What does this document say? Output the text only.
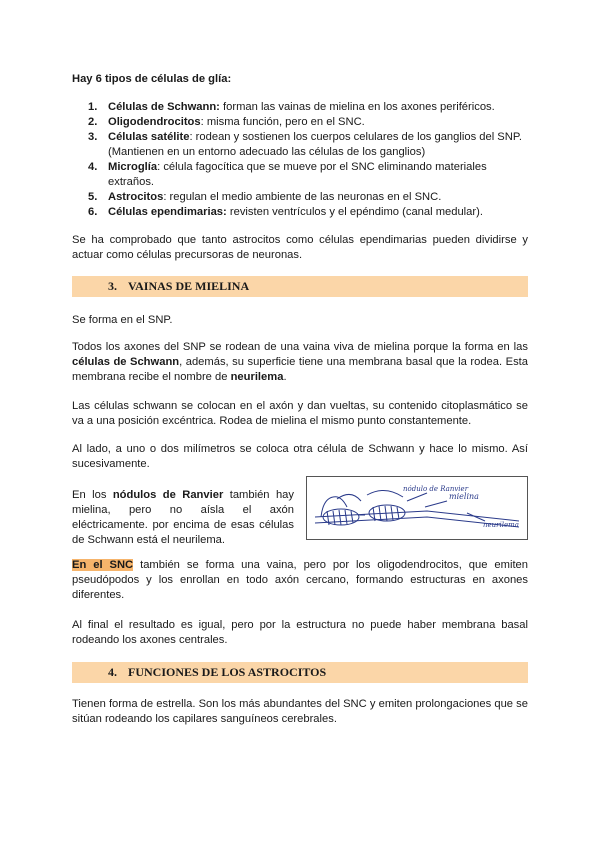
Hay 6 tipos de células de glía:
1. Células de Schwann: forman las vainas de mielina en los axones periféricos.
2. Oligodendrocitos: misma función, pero en el SNC.
3. Células satélite: rodean y sostienen los cuerpos celulares de los ganglios del SNP. (Mantienen en un entorno adecuado las células de los ganglios)
4. Microglía: célula fagocítica que se mueve por el SNC eliminando materiales extraños.
5. Astrocitos: regulan el medio ambiente de las neuronas en el SNC.
6. Células ependimarias: revisten ventrículos y el epéndimo (canal medular).

Se ha comprobado que tanto astrocitos como células ependimarias pueden dividirse y actuar como células precursoras de neuronas.

3. VAINAS DE MIELINA

Se forma en el SNP.

Todos los axones del SNP se rodean de una vaina viva de mielina porque la forma en las células de Schwann, además, su superficie tiene una membrana basal que la rodea. Esta membrana recibe el nombre de neurilema.

Las células schwann se colocan en el axón y dan vueltas, su contenido citoplasmático se va a una posición excéntrica. Rodea de mielina el mismo punto constantemente.

Al lado, a uno o dos milímetros se coloca otra célula de Schwann y hace lo mismo. Así sucesivamente.

En los nódulos de Ranvier también hay mielina, pero no aísla el axón eléctricamente. por encima de esas células de Schwann está el neurilema.

nódulo de Ranvier
mielina
neurilema

En el SNC también se forma una vaina, pero por los oligodendrocitos, que emiten pseudópodos y los enrollan en todo axón cercano, formando estructuras en axones diferentes.

Al final el resultado es igual, pero por la estructura no puede haber membrana basal rodeando los axones centrales.

4. FUNCIONES DE LOS ASTROCITOS

Tienen forma de estrella. Son los más abundantes del SNC y emiten prolongaciones que se sitúan rodeando los capilares sanguíneos cerebrales.
